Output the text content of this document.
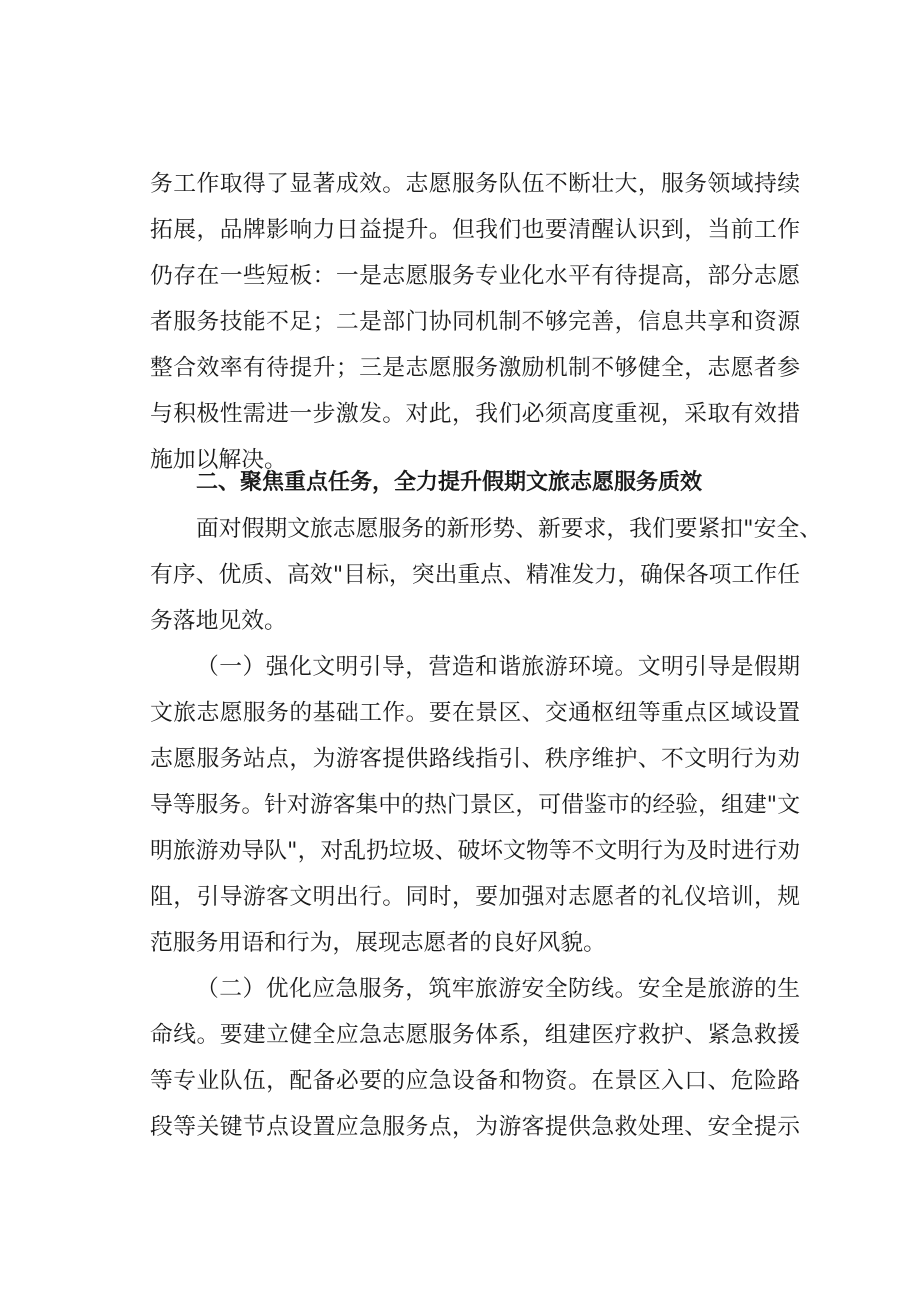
务工作取得了显著成效。志愿服务队伍不断壮大，服务领域持续
拓展，品牌影响力日益提升。但我们也要清醒认识到，当前工作
仍存在一些短板：一是志愿服务专业化水平有待提高，部分志愿
者服务技能不足；二是部门协同机制不够完善，信息共享和资源
整合效率有待提升；三是志愿服务激励机制不够健全，志愿者参
与积极性需进一步激发。对此，我们必须高度重视，采取有效措
施加以解决。
二、聚焦重点任务，全力提升假期文旅志愿服务质效
面对假期文旅志愿服务的新形势、新要求，我们要紧扣"安全、
有序、优质、高效"目标，突出重点、精准发力，确保各项工作任
务落地见效。
（一）强化文明引导，营造和谐旅游环境。文明引导是假期
文旅志愿服务的基础工作。要在景区、交通枢纽等重点区域设置
志愿服务站点，为游客提供路线指引、秩序维护、不文明行为劝
导等服务。针对游客集中的热门景区，可借鉴市的经验，组建"文
明旅游劝导队"，对乱扔垃圾、破坏文物等不文明行为及时进行劝
阻，引导游客文明出行。同时，要加强对志愿者的礼仪培训，规
范服务用语和行为，展现志愿者的良好风貌。
（二）优化应急服务，筑牢旅游安全防线。安全是旅游的生
命线。要建立健全应急志愿服务体系，组建医疗救护、紧急救援
等专业队伍，配备必要的应急设备和物资。在景区入口、危险路
段等关键节点设置应急服务点，为游客提供急救处理、安全提示
